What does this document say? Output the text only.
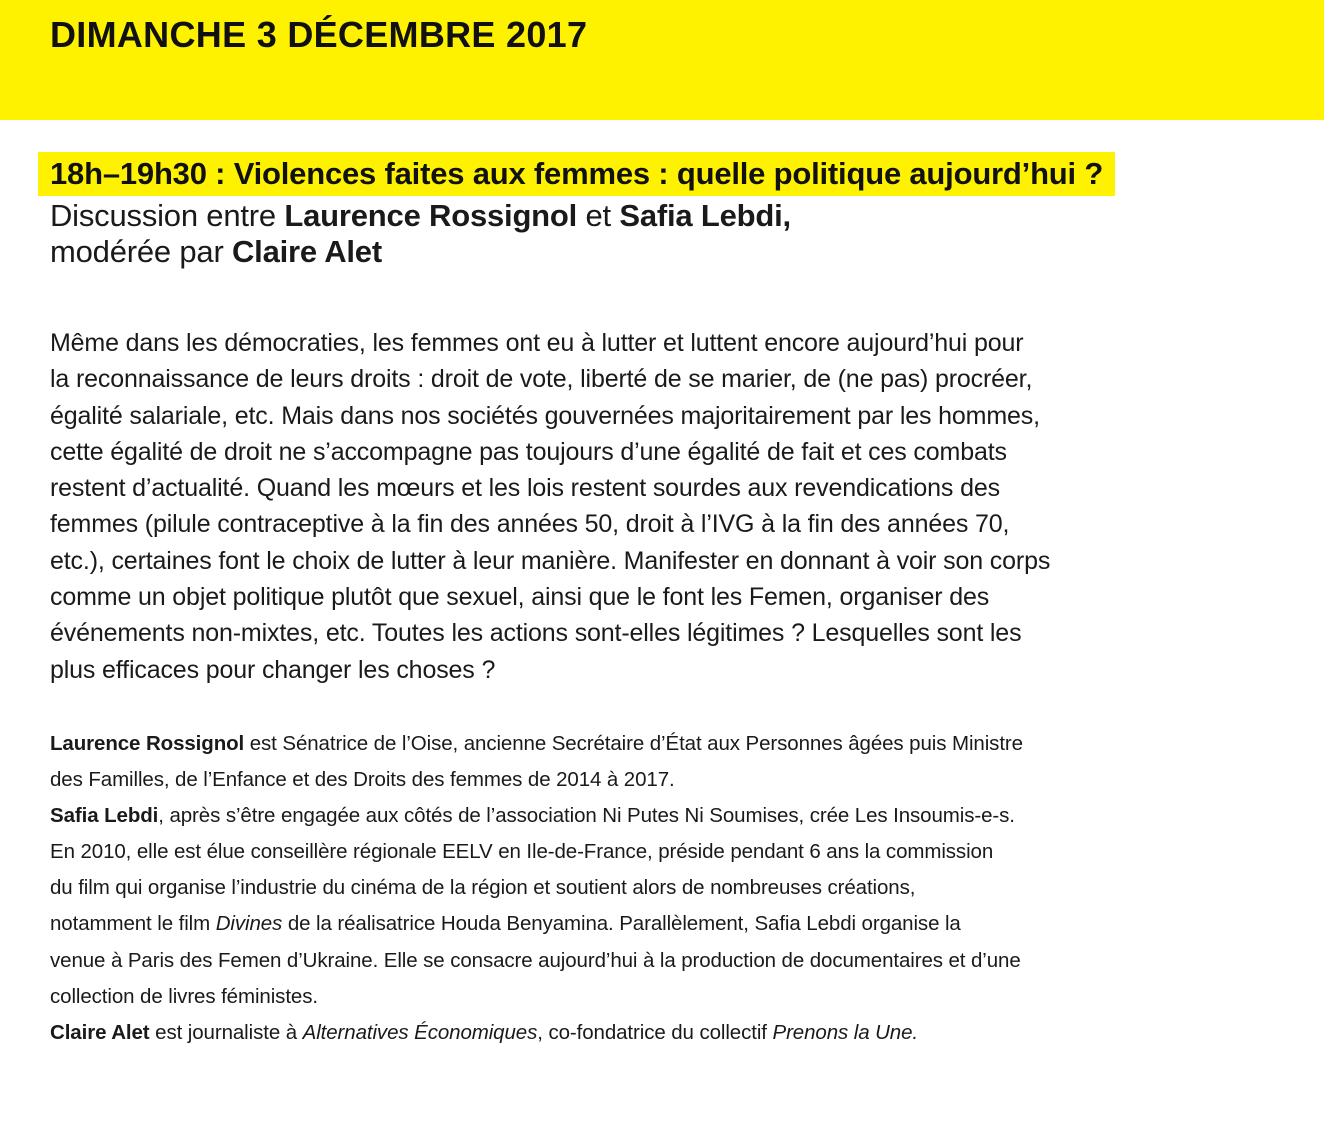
DIMANCHE 3 DÉCEMBRE 2017
18h–19h30 : Violences faites aux femmes : quelle politique aujourd’hui ?
Discussion entre Laurence Rossignol et Safia Lebdi,
modérée par Claire Alet

Même dans les démocraties, les femmes ont eu à lutter et luttent encore aujourd’hui pour
la reconnaissance de leurs droits : droit de vote, liberté de se marier, de (ne pas) procréer,
égalité salariale, etc. Mais dans nos sociétés gouvernées majoritairement par les hommes,
cette égalité de droit ne s’accompagne pas toujours d’une égalité de fait et ces combats
restent d’actualité. Quand les mœurs et les lois restent sourdes aux revendications des
femmes (pilule contraceptive à la fin des années 50, droit à l’IVG à la fin des années 70,
etc.), certaines font le choix de lutter à leur manière. Manifester en donnant à voir son corps
comme un objet politique plutôt que sexuel, ainsi que le font les Femen, organiser des
événements non-mixtes, etc. Toutes les actions sont-elles légitimes ? Lesquelles sont les
plus efficaces pour changer les choses ?

Laurence Rossignol est Sénatrice de l’Oise, ancienne Secrétaire d’État aux Personnes âgées puis Ministre
des Familles, de l’Enfance et des Droits des femmes de 2014 à 2017.
Safia Lebdi, après s’être engagée aux côtés de l’association Ni Putes Ni Soumises, crée Les Insoumis-e-s.
En 2010, elle est élue conseillère régionale EELV en Ile-de-France, préside pendant 6 ans la commission
du film qui organise l’industrie du cinéma de la région et soutient alors de nombreuses créations,
notamment le film Divines de la réalisatrice Houda Benyamina. Parallèlement, Safia Lebdi organise la
venue à Paris des Femen d’Ukraine. Elle se consacre aujourd’hui à la production de documentaires et d’une
collection de livres féministes.
Claire Alet est journaliste à Alternatives Économiques, co-fondatrice du collectif Prenons la Une.
